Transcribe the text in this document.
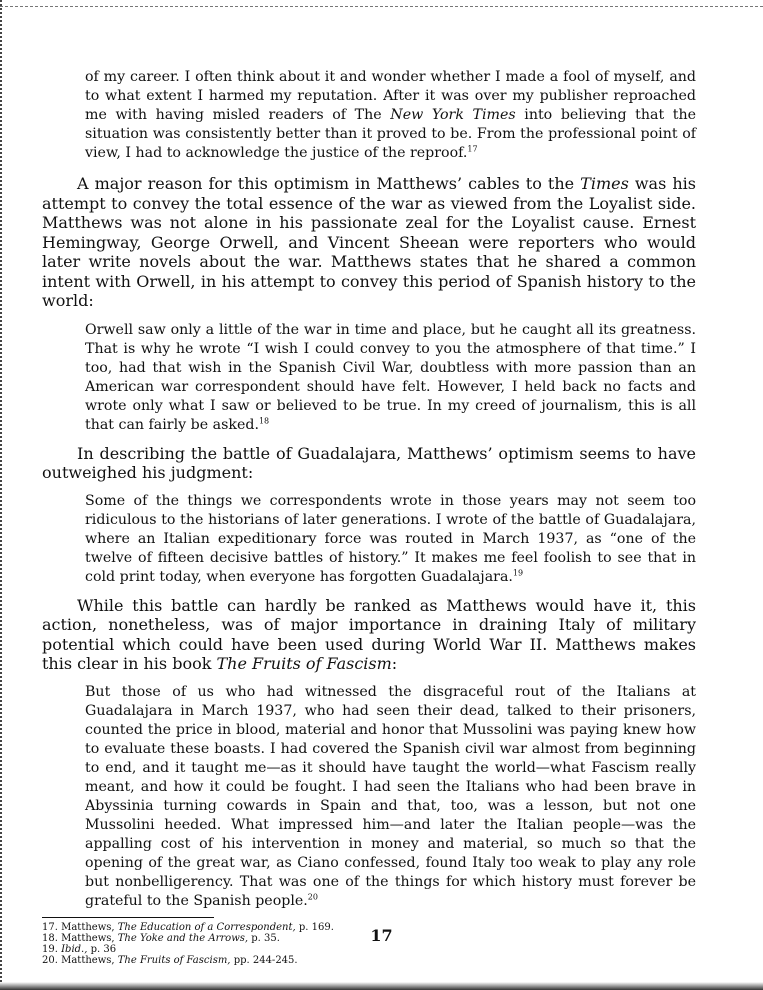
of my career. I often think about it and wonder whether I made a fool of myself, and to what extent I harmed my reputation. After it was over my publisher reproached me with having misled readers of The New York Times into believing that the situation was consistently better than it proved to be. From the professional point of view, I had to acknowledge the justice of the reproof.$^{17}$

A major reason for this optimism in Matthews’ cables to the Times was his attempt to convey the total essence of the war as viewed from the Loyalist side. Matthews was not alone in his passionate zeal for the Loyalist cause. Ernest Hemingway, George Orwell, and Vincent Sheean were reporters who would later write novels about the war. Matthews states that he shared a common intent with Orwell, in his attempt to convey this period of Spanish history to the world:

Orwell saw only a little of the war in time and place, but he caught all its greatness. That is why he wrote “I wish I could convey to you the atmosphere of that time.” I too, had that wish in the Spanish Civil War, doubtless with more passion than an American war correspondent should have felt. However, I held back no facts and wrote only what I saw or believed to be true. In my creed of journalism, this is all that can fairly be asked.$^{18}$

In describing the battle of Guadalajara, Matthews’ optimism seems to have outweighed his judgment:

Some of the things we correspondents wrote in those years may not seem too ridiculous to the historians of later generations. I wrote of the battle of Guadalajara, where an Italian expeditionary force was routed in March 1937, as “one of the twelve of fifteen decisive battles of history.” It makes me feel foolish to see that in cold print today, when everyone has forgotten Guadalajara.$^{19}$

While this battle can hardly be ranked as Matthews would have it, this action, nonetheless, was of major importance in draining Italy of military potential which could have been used during World War II. Matthews makes this clear in his book The Fruits of Fascism:

But those of us who had witnessed the disgraceful rout of the Italians at Guadalajara in March 1937, who had seen their dead, talked to their prisoners, counted the price in blood, material and honor that Mussolini was paying knew how to evaluate these boasts. I had covered the Spanish civil war almost from beginning to end, and it taught me—as it should have taught the world—what Fascism really meant, and how it could be fought. I had seen the Italians who had been brave in Abyssinia turning cowards in Spain and that, too, was a lesson, but not one Mussolini heeded. What impressed him—and later the Italian people—was the appalling cost of his intervention in money and material, so much so that the opening of the great war, as Ciano confessed, found Italy too weak to play any role but nonbelligerency. That was one of the things for which history must forever be grateful to the Spanish people.$^{20}$

17. Matthews, The Education of a Correspondent, p. 169.
18. Matthews, The Yoke and the Arrows, p. 35.
19. Ibid., p. 36
20. Matthews, The Fruits of Fascism, pp. 244-245.
17
